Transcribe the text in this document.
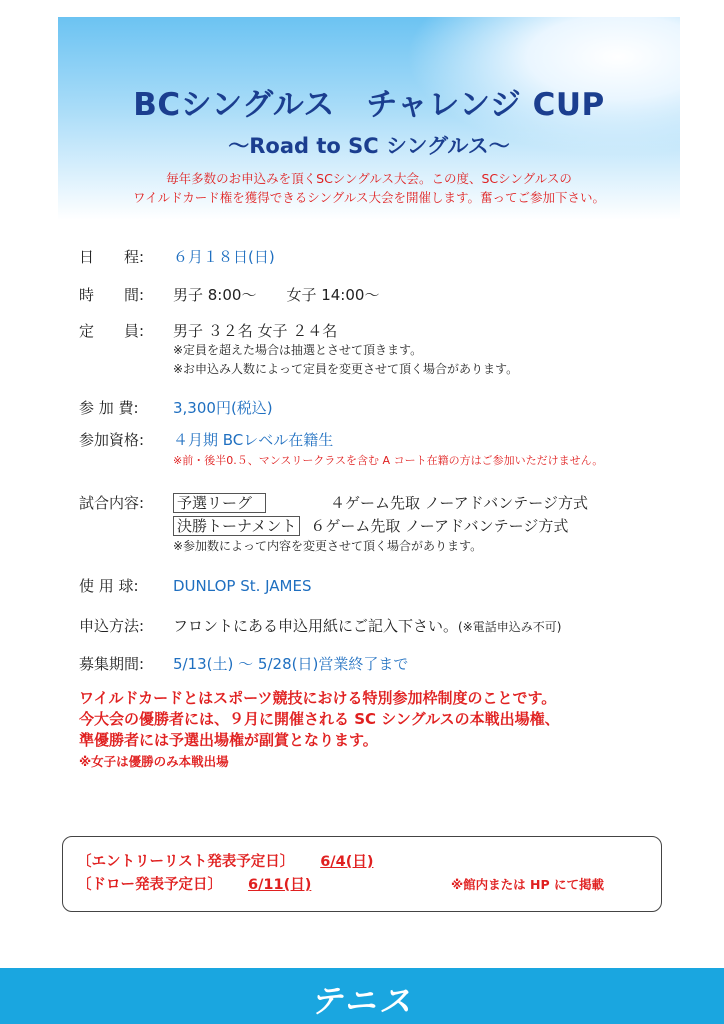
BCシングルス　チャレンジ CUP
～Road to SC シングルス～
毎年多数のお申込みを頂くSCシングルス大会。この度、SCシングルスの
ワイルドカード権を獲得できるシングルス大会を開催します。奮ってご参加下さい。
日　　程: ６月１８日(日)
時　　間: 男子 8:00～　　女子 14:00～
定　　員: 男子 ３２名 女子 ２４名
※定員を超えた場合は抽選とさせて頂きます。
※お申込み人数によって定員を変更させて頂く場合があります。
参 加 費: 3,300円(税込)
参加資格: ４月期 BCレベル在籍生
※前・後半0.５、マンスリークラスを含む A コート在籍の方はご参加いただけません。
試合内容: 予選リーグ	４ゲーム先取 ノーアドバンテージ方式
決勝トーナメント ６ゲーム先取 ノーアドバンテージ方式
※参加数によって内容を変更させて頂く場合があります。
使 用 球: DUNLOP St. JAMES
申込方法: フロントにある申込用紙にご記入下さい。(※電話申込み不可)
募集期間: 5/13(土) ～ 5/28(日)営業終了まで
ワイルドカードとはスポーツ競技における特別参加枠制度のことです。
今大会の優勝者には、９月に開催される SC シングルスの本戦出場権、
準優勝者には予選出場権が副賞となります。
※女子は優勝のみ本戦出場
〔エントリーリスト発表予定日〕 6/4(日)
〔ドロー発表予定日〕 6/11(日)	※館内または HP にて掲載
テニス
